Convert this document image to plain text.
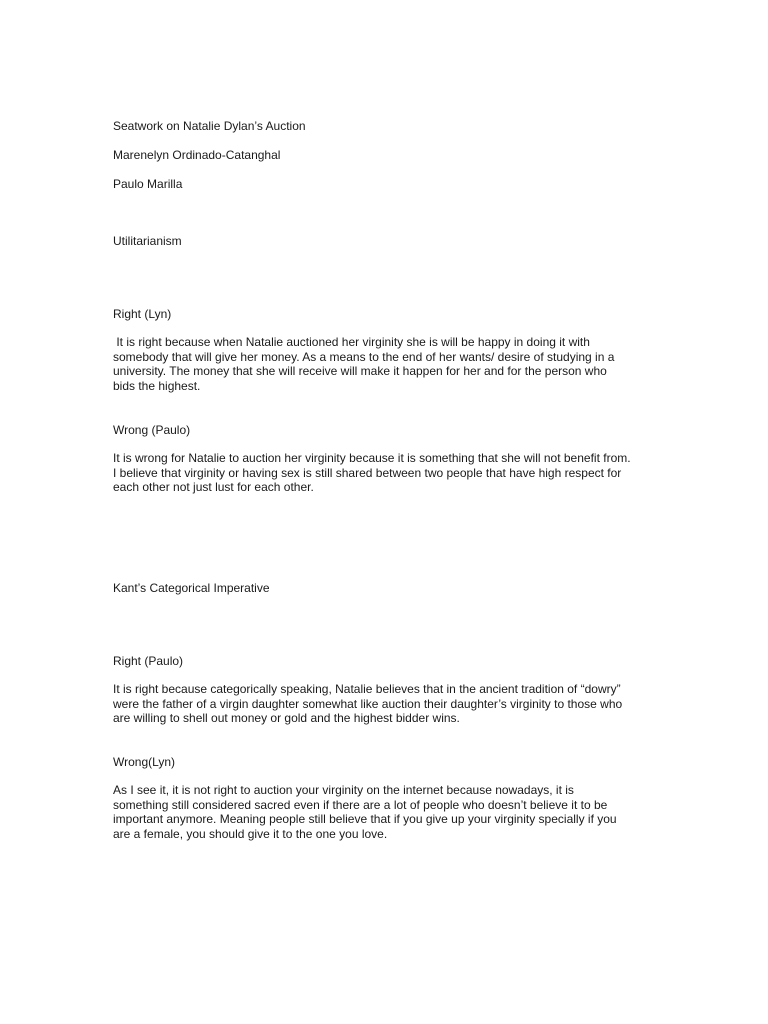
Seatwork on Natalie Dylan’s Auction
Marenelyn Ordinado-Catanghal
Paulo Marilla
Utilitarianism
Right (Lyn)
It is right because when Natalie auctioned her virginity she is will be happy in doing it with
somebody that will give her money. As a means to the end of her wants/ desire of studying in a
university. The money that she will receive will make it happen for her and for the person who
bids the highest.
Wrong (Paulo)
It is wrong for Natalie to auction her virginity because it is something that she will not benefit from.
I believe that virginity or having sex is still shared between two people that have high respect for
each other not just lust for each other.
Kant’s Categorical Imperative
Right (Paulo)
It is right because categorically speaking, Natalie believes that in the ancient tradition of “dowry”
were the father of a virgin daughter somewhat like auction their daughter’s virginity to those who
are willing to shell out money or gold and the highest bidder wins.
Wrong(Lyn)
As I see it, it is not right to auction your virginity on the internet because nowadays, it is
something still considered sacred even if there are a lot of people who doesn’t believe it to be
important anymore. Meaning people still believe that if you give up your virginity specially if you
are a female, you should give it to the one you love.
